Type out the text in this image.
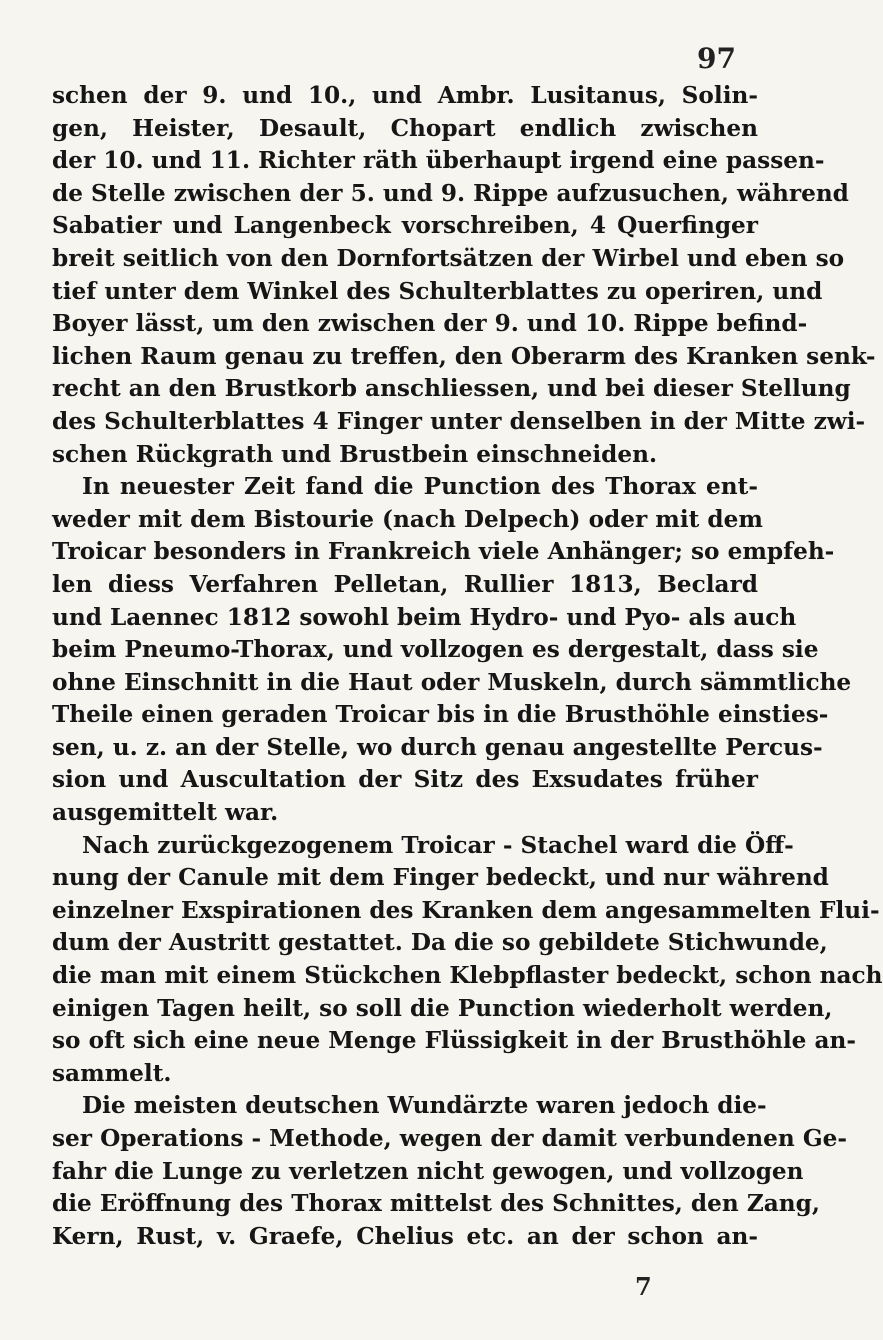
97
schen der 9. und 10., und Ambr. Lusitanus, Solin-
gen, Heister, Desault, Chopart endlich zwischen
der 10. und 11. Richter räth überhaupt irgend eine passen-
de Stelle zwischen der 5. und 9. Rippe aufzusuchen, während
Sabatier und Langenbeck vorschreiben, 4 Querfinger
breit seitlich von den Dornfortsätzen der Wirbel und eben so
tief unter dem Winkel des Schulterblattes zu operiren, und
Boyer lässt, um den zwischen der 9. und 10. Rippe befind-
lichen Raum genau zu treffen, den Oberarm des Kranken senk-
recht an den Brustkorb anschliessen, und bei dieser Stellung
des Schulterblattes 4 Finger unter denselben in der Mitte zwi-
schen Rückgrath und Brustbein einschneiden.
In neuester Zeit fand die Punction des Thorax ent-
weder mit dem Bistourie (nach Delpech) oder mit dem
Troicar besonders in Frankreich viele Anhänger; so empfeh-
len diess Verfahren Pelletan, Rullier 1813, Beclard
und Laennec 1812 sowohl beim Hydro- und Pyo- als auch
beim Pneumo-Thorax, und vollzogen es dergestalt, dass sie
ohne Einschnitt in die Haut oder Muskeln, durch sämmtliche
Theile einen geraden Troicar bis in die Brusthöhle einsties-
sen, u. z. an der Stelle, wo durch genau angestellte Percus-
sion und Auscultation der Sitz des Exsudates früher
ausgemittelt war.
Nach zurückgezogenem Troicar - Stachel ward die Öff-
nung der Canule mit dem Finger bedeckt, und nur während
einzelner Exspirationen des Kranken dem angesammelten Flui-
dum der Austritt gestattet. Da die so gebildete Stichwunde,
die man mit einem Stückchen Klebpflaster bedeckt, schon nach
einigen Tagen heilt, so soll die Punction wiederholt werden,
so oft sich eine neue Menge Flüssigkeit in der Brusthöhle an-
sammelt.
Die meisten deutschen Wundärzte waren jedoch die-
ser Operations - Methode, wegen der damit verbundenen Ge-
fahr die Lunge zu verletzen nicht gewogen, und vollzogen
die Eröffnung des Thorax mittelst des Schnittes, den Zang,
Kern, Rust, v. Graefe, Chelius etc. an der schon an-
7
